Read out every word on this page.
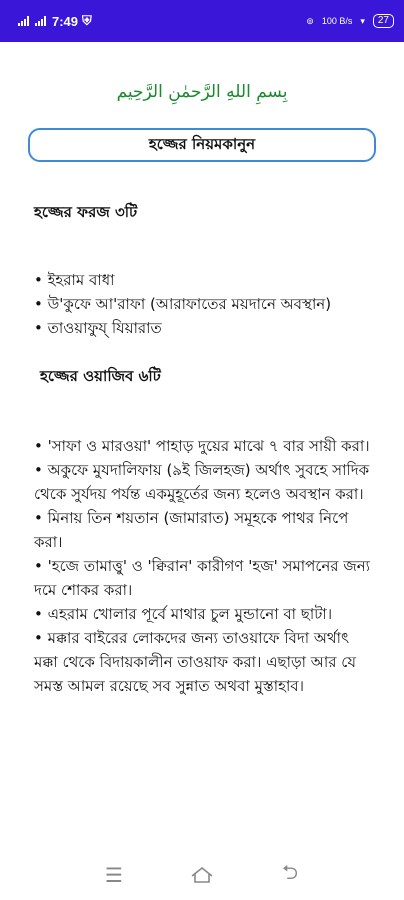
7:49 ⛨	⊚ 100 B/s ▾	27
بِسمِ اللهِ الرَّحمٰنِ الرَّحِيم
হজ্জের নিয়মকানুন

হজ্জের ফরজ ৩টি

• ইহরাম বাধা

• উ'কুফে আ'রাফা (আরাফাতের ময়দানে অবস্থান)

• তাওয়াফুয্ যিয়ারাত

হজ্জের ওয়াজিব ৬টি

• 'সাফা ও মারওয়া' পাহাড় দুয়ের মাঝে ৭ বার সায়ী করা।

• অকুফে মুযদালিফায় (৯ই জিলহজ) অর্থাৎ সুবহে সাদিক থেকে সুর্যদয় পর্যন্ত একমুহূর্তের জন্য হলেও অবস্থান করা।

• মিনায় তিন শয়তান (জামারাত) সমূহকে পাথর নিপে করা।

• 'হজে তামাত্তু' ও 'ক্বিরান' কারীগণ 'হজ' সমাপনের জন্য দমে শোকর করা।

• এহরাম খোলার পূর্বে মাথার চুল মুন্ডানো বা ছাটা।

• মক্কার বাইরের লোকদের জন্য তাওয়াফে বিদা অর্থাৎ মক্কা থেকে বিদায়কালীন তাওয়াফ করা। এছাড়া আর যে সমস্ত আমল রয়েছে সব সুন্নাত অথবা মুস্তাহাব।

☰	⮌
